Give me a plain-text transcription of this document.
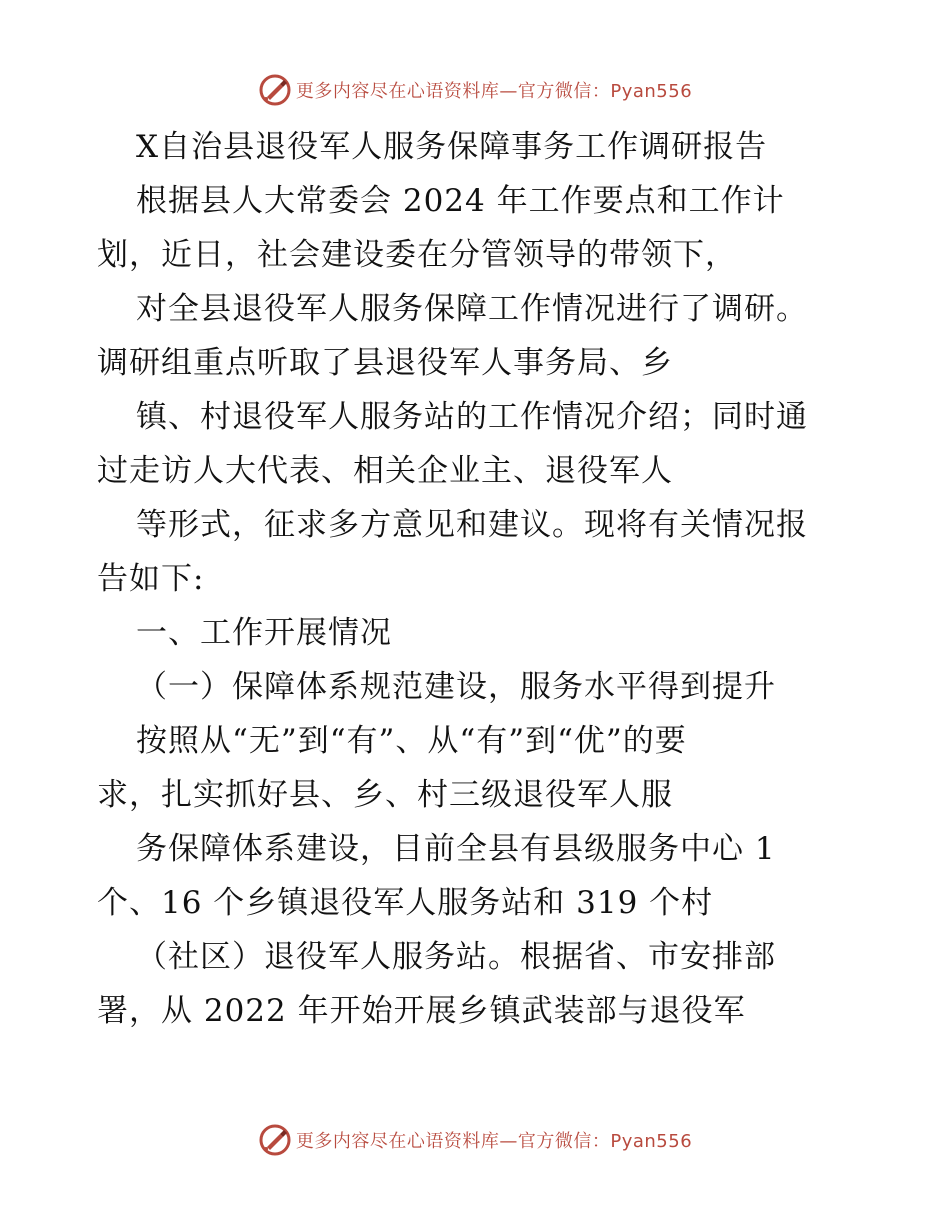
更多内容尽在心语资料库—官方微信：Pyan556
X自治县退役军人服务保障事务工作调研报告
根据县人大常委会 2024 年工作要点和工作计
划，近日，社会建设委在分管领导的带领下，
对全县退役军人服务保障工作情况进行了调研。
调研组重点听取了县退役军人事务局、乡
镇、村退役军人服务站的工作情况介绍；同时通
过走访人大代表、相关企业主、退役军人
等形式，征求多方意见和建议。现将有关情况报
告如下:
一、工作开展情况
（一）保障体系规范建设，服务水平得到提升
按照从“无”到“有”、从“有”到“优”的要
求，扎实抓好县、乡、村三级退役军人服
务保障体系建设，目前全县有县级服务中心 1
个、16 个乡镇退役军人服务站和 319 个村
（社区）退役军人服务站。根据省、市安排部
署，从 2022 年开始开展乡镇武装部与退役军
更多内容尽在心语资料库—官方微信：Pyan556
